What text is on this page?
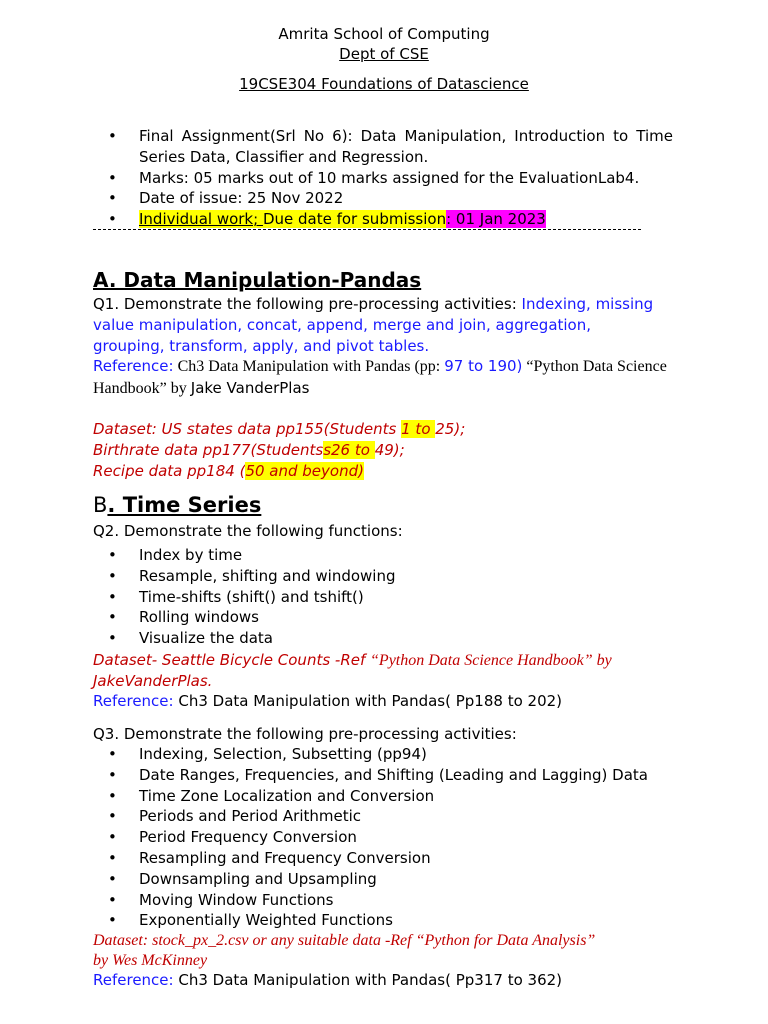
Amrita School of Computing
Dept of CSE
19CSE304 Foundations of Datascience
• Final Assignment(Srl No 6): Data Manipulation, Introduction to Time Series Data, Classifier and Regression.
• Marks: 05 marks out of 10 marks assigned for the EvaluationLab4.
• Date of issue: 25 Nov 2022
• Individual work; Due date for submission: 01 Jan 2023
A. Data Manipulation-Pandas
Q1. Demonstrate the following pre-processing activities: Indexing, missing value manipulation, concat, append, merge and join, aggregation, grouping, transform, apply, and pivot tables.
Reference: Ch3 Data Manipulation with Pandas (pp: 97 to 190) “Python Data Science Handbook” by Jake VanderPlas
Dataset: US states data pp155(Students 1 to 25);
Birthrate data pp177(Studentss26 to 49);
Recipe data pp184 (50 and beyond)
B. Time Series
Q2. Demonstrate the following functions:
• Index by time
• Resample, shifting and windowing
• Time-shifts (shift() and tshift()
• Rolling windows
• Visualize the data
Dataset- Seattle Bicycle Counts -Ref “Python Data Science Handbook” by
JakeVanderPlas.
Reference: Ch3 Data Manipulation with Pandas( Pp188 to 202)
Q3. Demonstrate the following pre-processing activities:
• Indexing, Selection, Subsetting (pp94)
• Date Ranges, Frequencies, and Shifting (Leading and Lagging) Data
• Time Zone Localization and Conversion
• Periods and Period Arithmetic
• Period Frequency Conversion
• Resampling and Frequency Conversion
• Downsampling and Upsampling
• Moving Window Functions
• Exponentially Weighted Functions
Dataset: stock_px_2.csv or any suitable data -Ref “Python for Data Analysis”
by Wes McKinney
Reference: Ch3 Data Manipulation with Pandas( Pp317 to 362)
